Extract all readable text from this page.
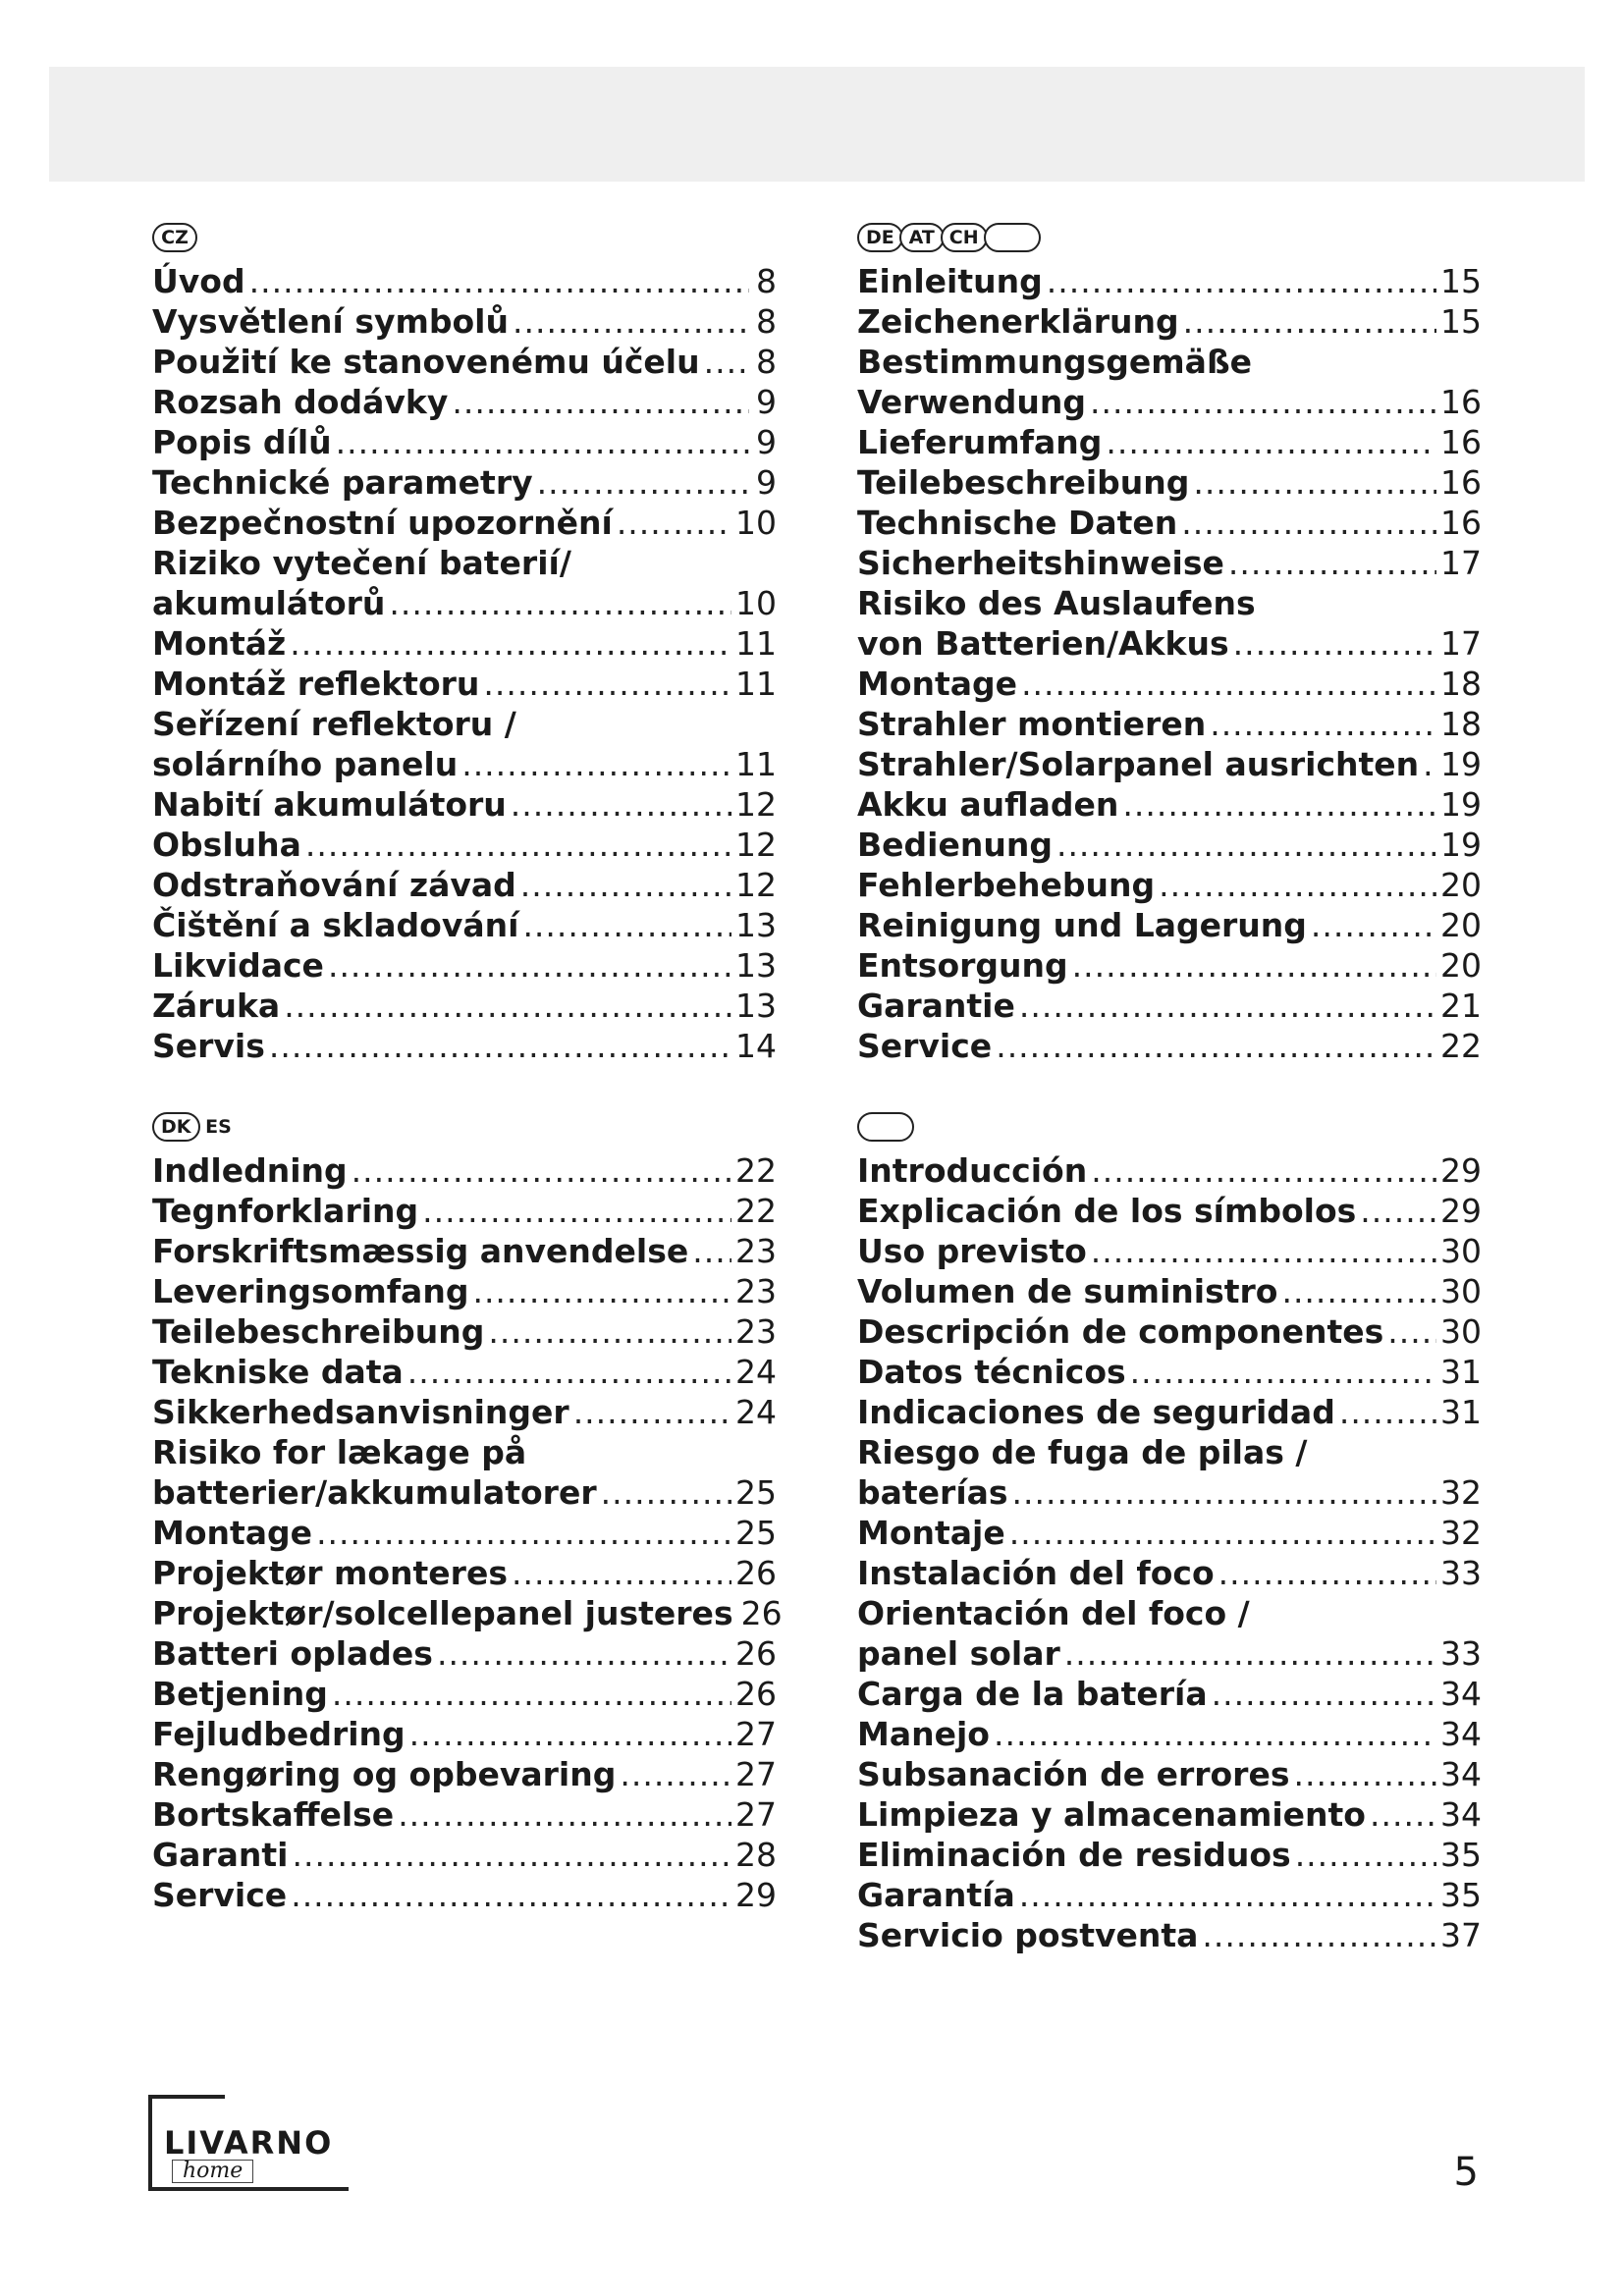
CZ
Úvod .....	8
Vysvětlení symbolů .....	8
Použití ke stanovenému účelu ..... 8
Rozsah dodávky .....	9
Popis dílů .....	9
Technické parametry .....	9
Bezpečnostní upozornění .....	10
Riziko vytečení baterií/
akumulátorů .....	10
Montáž .....	11
Montáž reflektoru .....	11
Seřízení reflektoru /
solárního panelu .....	11
Nabití akumulátoru .....	12
Obsluha .....	12
Odstraňování závad .....	12
Čištění a skladování .....	13
Likvidace .....	13
Záruka .....	13
Servis .....	14
DE AT CH
Einleitung .....	15
Zeichenerklärung .....	15
Bestimmungsgemäße
Verwendung .....	16
Lieferumfang .....	16
Teilebeschreibung .....	16
Technische Daten .....	16
Sicherheitshinweise .....	17
Risiko des Auslaufens
von Batterien/Akkus .....	17
Montage .....	18
Strahler montieren .....	18
Strahler/Solarpanel ausrichten ..... 19
Akku aufladen .....	19
Bedienung .....	19
Fehlerbehebung .....	20
Reinigung und Lagerung .....	20
Entsorgung .....	20
Garantie .....	21
Service .....	22
DK ES
Indledning .....	22
Tegnforklaring .....	22
Forskriftsmæssig anvendelse ..... 23
Leveringsomfang .....	23
Teilebeschreibung .....	23
Tekniske data .....	24
Sikkerhedsanvisninger .....	24
Risiko for lækage på
batterier/akkumulatorer .....	25
Montage .....	25
Projektør monteres .....	26
Projektør/solcellepanel justeres 26
Batteri oplades .....	26
Betjening .....	26
Fejludbedring .....	27
Rengøring og opbevaring .....	27
Bortskaffelse .....	27
Garanti .....	28
Service .....	29
Introducción .....	29
Explicación de los símbolos .....	29
Uso previsto .....	30
Volumen de suministro .....	30
Descripción de componentes ..... 30
Datos técnicos .....	31
Indicaciones de seguridad .....	31
Riesgo de fuga de pilas /
baterías .....	32
Montaje .....	32
Instalación del foco .....	33
Orientación del foco /
panel solar .....	33
Carga de la batería .....	34
Manejo .....	34
Subsanación de errores .....	34
Limpieza y almacenamiento ..... 34
Eliminación de residuos .....	35
Garantía .....	35
Servicio postventa .....	37
LIVARNO
home	5
